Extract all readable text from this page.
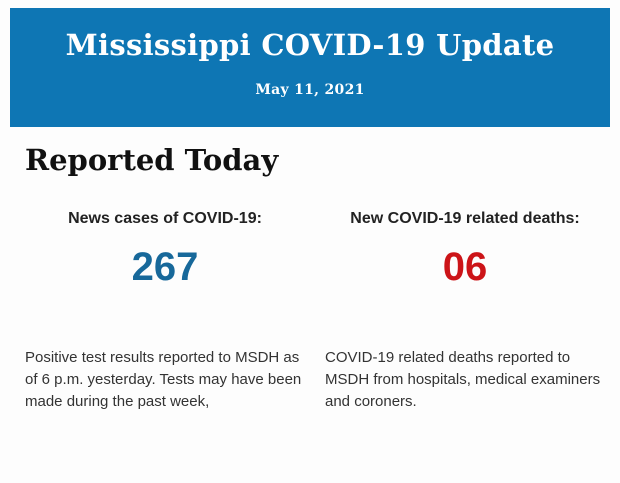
Mississippi COVID-19 Update
May 11, 2021
Reported Today
News cases of COVID-19:
267
Positive test results reported to MSDH as of 6 p.m. yesterday. Tests may have been made during the past week,
New COVID-19 related deaths:
06
COVID-19 related deaths reported to MSDH from hospitals, medical examiners and coroners.
